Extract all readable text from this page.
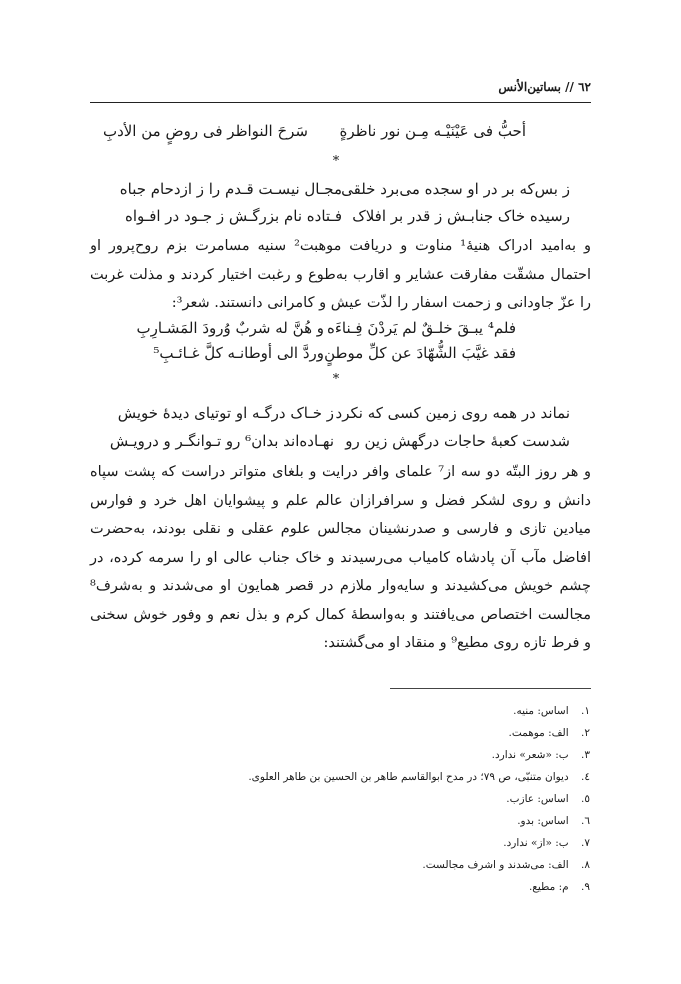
٦٢ // بساتين‌الأنس
أحبُّ فی عَیْنَیْـه مِـن نور ناظرةٍ
سَرحَ النواظر فی روضٍ من الأدبِ
*
ز بس‌که بر در او سجده می‌برد خلقی
مجـال نیسـت قـدم را ز ازدحام جباه
رسیده خاک جنابـش ز قدر بر افلاک
فـتاده نام بزرگـش ز جـود در افـواه
و به‌امید ادراک هنیهٔ¹ مناوت و دریافت موهبت² سنیه مسامرت بزم روح‌پرور او احتمال مشقّت مفارقت عشایر و اقارب به‌طوع و رغبت اختیار کردند و مذلت غربت را عزّ جاودانی و زحمت اسفار را لذّت عیش و کامرانی دانستند. شعر³:
فلم⁴ یبـقَ خلـقٌ لم یَردْنَ فِـناءَه
و هُنَّ له شربٌ وُرودَ المَشـارِبِ
فقد غیَّبَ الشُّهّادَ عن کلِّ موطنٍ
وردَّ الی أوطانـه کلَّ غـائـبِ⁵
*
نماند در همه روی زمین کسی که نکرد
ز خـاک درگـه او توتیای دیدهٔ خویش
شدست کعبهٔ حاجات درگهش زین رو
نهـاده‌اند بدان⁶ رو تـوانگـر و درویـش
و هر روز البتّه دو سه از⁷ علمای وافر درایت و بلغای متواتر دراست که پشت سپاه دانش و روی لشکر فضل و سرافرازان عالم علم و پیشوایان اهل خرد و فوارس میادین تازی و فارسی و صدرنشینان مجالس علوم عقلی و نقلی بودند، به‌حضرت افاضل مآب آن پادشاه کامیاب می‌رسیدند و خاک جناب عالی او را سرمه کرده، در چشم خویش می‌کشیدند و سایه‌وار ملازم در قصر همایون او می‌شدند و به‌شرف⁸ مجالست اختصاص می‌یافتند و به‌واسطهٔ کمال کرم و بذل نعم و وفور خوش سخنی و فرط تازه روی مطیع⁹ و منقاد او می‌گشتند:
١. اساس: منیه.
٢. الف: موهمت.
٣. ب: «شعر» ندارد.
٤. دیوان متنبّی، ص ٧٩؛ در مدح ابوالقاسم طاهر بن الحسین بن طاهر العلوی.
٥. اساس: عازب.
٦. اساس: بدو.
٧. ب: «از» ندارد.
٨. الف: می‌شدند و اشرف مجالست.
٩. م: مطیع.
